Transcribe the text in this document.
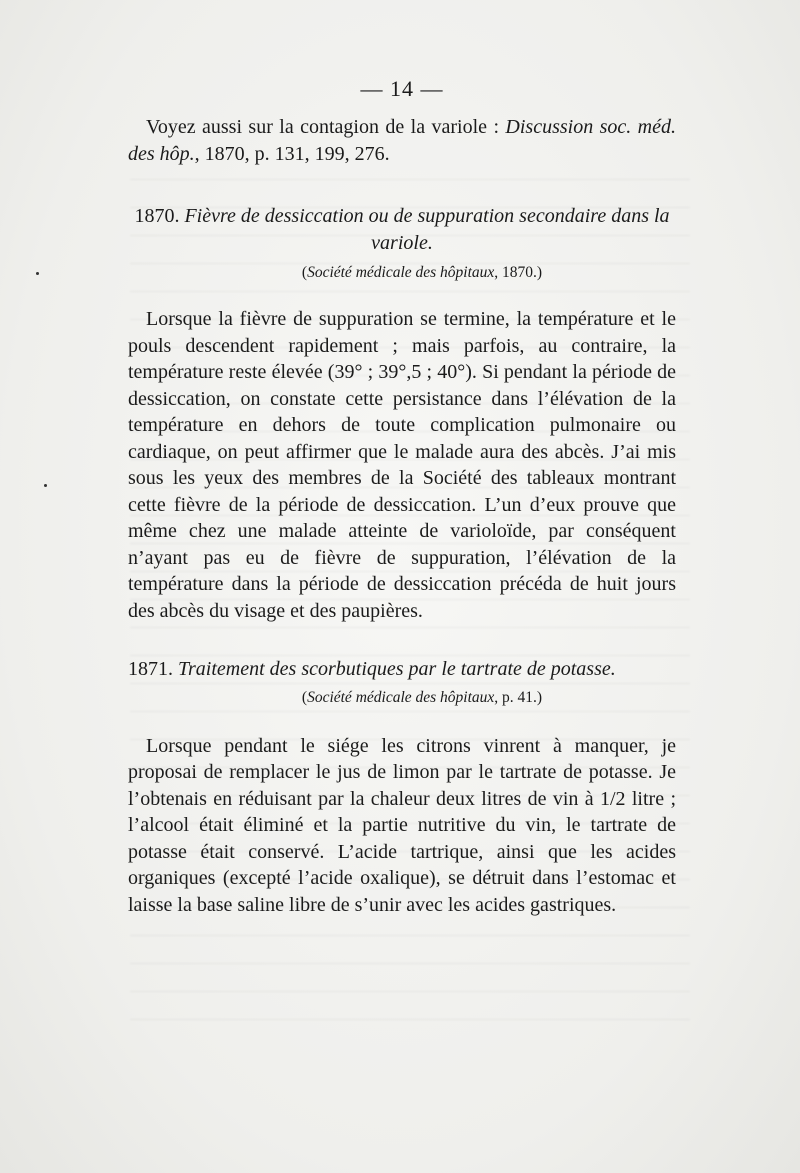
— 14 —

Voyez aussi sur la contagion de la variole : Discussion soc. méd. des hôp., 1870, p. 131, 199, 276.

1870. Fièvre de dessiccation ou de suppuration secondaire dans la variole.
(Société médicale des hôpitaux, 1870.)

Lorsque la fièvre de suppuration se termine, la température et le pouls descendent rapidement ; mais parfois, au contraire, la température reste élevée (39° ; 39°,5 ; 40°). Si pendant la période de dessiccation, on constate cette persistance dans l’élévation de la température en dehors de toute complication pulmonaire ou cardiaque, on peut affirmer que le malade aura des abcès. J’ai mis sous les yeux des membres de la Société des tableaux montrant cette fièvre de la période de dessiccation. L’un d’eux prouve que même chez une malade atteinte de varioloïde, par conséquent n’ayant pas eu de fièvre de suppuration, l’élévation de la température dans la période de dessiccation précéda de huit jours des abcès du visage et des paupières.

1871. Traitement des scorbutiques par le tartrate de potasse.
(Société médicale des hôpitaux, p. 41.)

Lorsque pendant le siége les citrons vinrent à manquer, je proposai de remplacer le jus de limon par le tartrate de potasse. Je l’obtenais en réduisant par la chaleur deux litres de vin à 1/2 litre ; l’alcool était éliminé et la partie nutritive du vin, le tartrate de potasse était conservé. L’acide tartrique, ainsi que les acides organiques (excepté l’acide oxalique), se détruit dans l’estomac et laisse la base saline libre de s’unir avec les acides gastriques.
